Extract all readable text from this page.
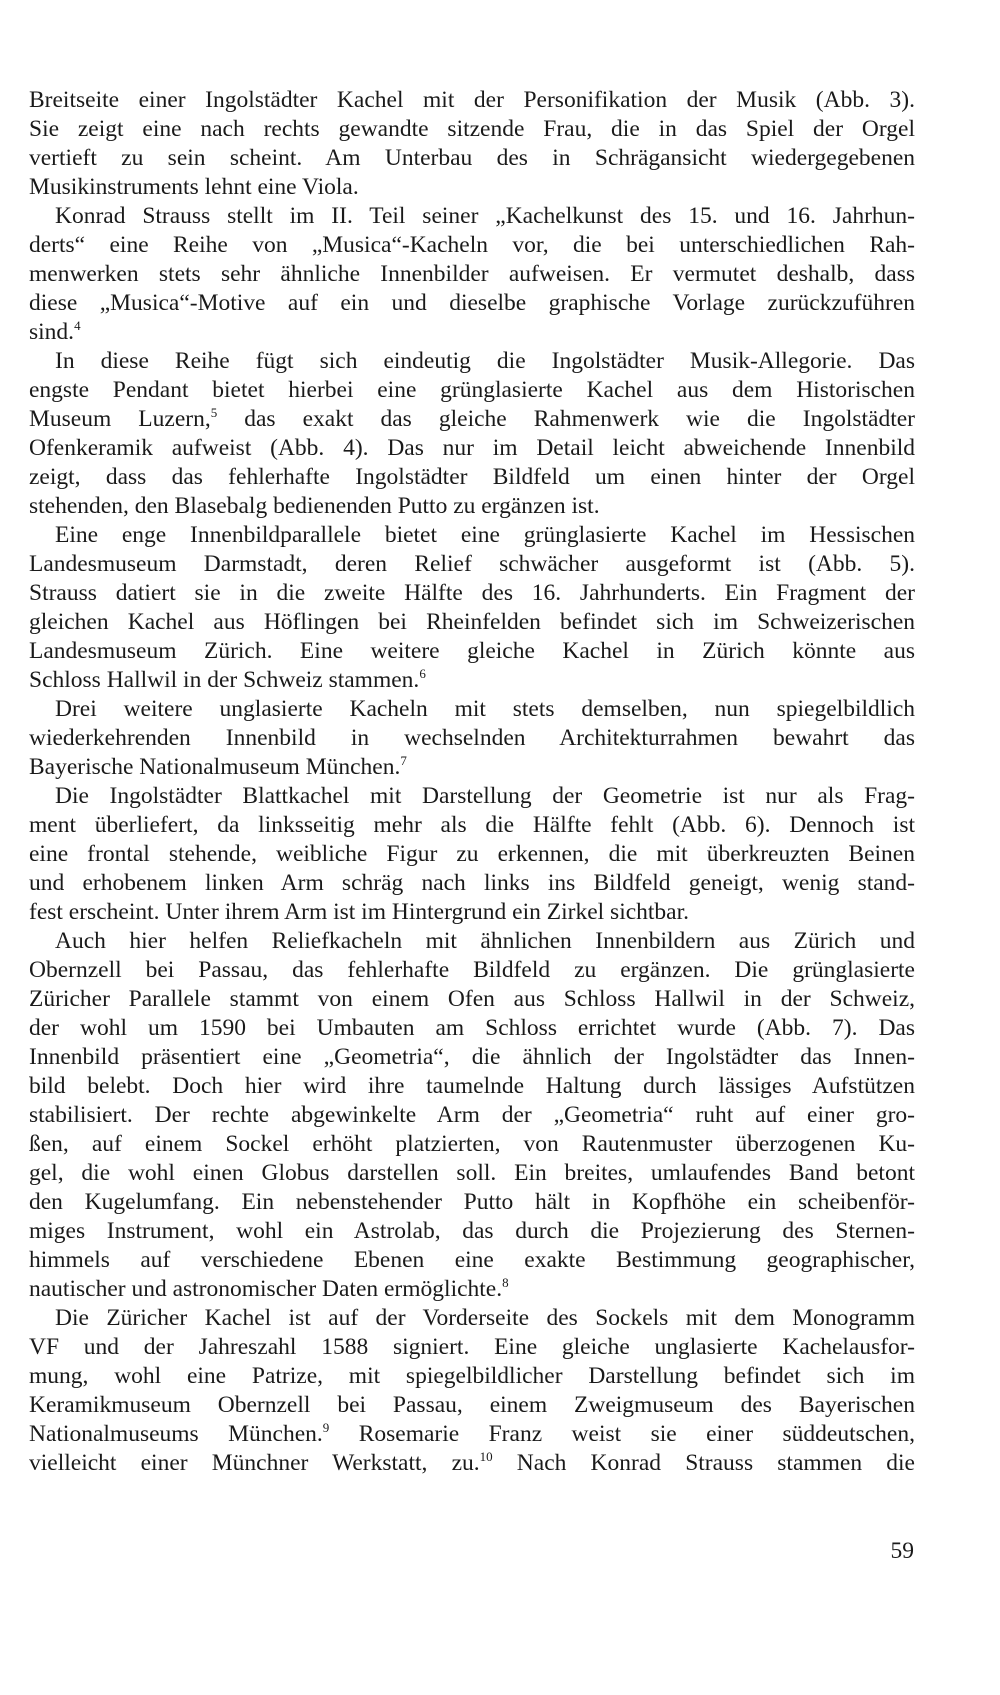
Breitseite einer Ingolstädter Kachel mit der Personifikation der Musik (Abb. 3).
Sie zeigt eine nach rechts gewandte sitzende Frau, die in das Spiel der Orgel
vertieft zu sein scheint. Am Unterbau des in Schrägansicht wiedergegebenen
Musikinstruments lehnt eine Viola.
Konrad Strauss stellt im II. Teil seiner „Kachelkunst des 15. und 16. Jahrhun-
derts“ eine Reihe von „Musica“-Kacheln vor, die bei unterschiedlichen Rah-
menwerken stets sehr ähnliche Innenbilder aufweisen. Er vermutet deshalb, dass
diese „Musica“-Motive auf ein und dieselbe graphische Vorlage zurückzuführen
sind.$^4$
In diese Reihe fügt sich eindeutig die Ingolstädter Musik-Allegorie. Das
engste Pendant bietet hierbei eine grünglasierte Kachel aus dem Historischen
Museum Luzern,$^5$ das exakt das gleiche Rahmenwerk wie die Ingolstädter
Ofenkeramik aufweist (Abb. 4). Das nur im Detail leicht abweichende Innenbild
zeigt, dass das fehlerhafte Ingolstädter Bildfeld um einen hinter der Orgel
stehenden, den Blasebalg bedienenden Putto zu ergänzen ist.
Eine enge Innenbildparallele bietet eine grünglasierte Kachel im Hessischen
Landesmuseum Darmstadt, deren Relief schwächer ausgeformt ist (Abb. 5).
Strauss datiert sie in die zweite Hälfte des 16. Jahrhunderts. Ein Fragment der
gleichen Kachel aus Höflingen bei Rheinfelden befindet sich im Schweizerischen
Landesmuseum Zürich. Eine weitere gleiche Kachel in Zürich könnte aus
Schloss Hallwil in der Schweiz stammen.$^6$
Drei weitere unglasierte Kacheln mit stets demselben, nun spiegelbildlich
wiederkehrenden Innenbild in wechselnden Architekturrahmen bewahrt das
Bayerische Nationalmuseum München.$^7$
Die Ingolstädter Blattkachel mit Darstellung der Geometrie ist nur als Frag-
ment überliefert, da linksseitig mehr als die Hälfte fehlt (Abb. 6). Dennoch ist
eine frontal stehende, weibliche Figur zu erkennen, die mit überkreuzten Beinen
und erhobenem linken Arm schräg nach links ins Bildfeld geneigt, wenig stand-
fest erscheint. Unter ihrem Arm ist im Hintergrund ein Zirkel sichtbar.
Auch hier helfen Reliefkacheln mit ähnlichen Innenbildern aus Zürich und
Obernzell bei Passau, das fehlerhafte Bildfeld zu ergänzen. Die grünglasierte
Züricher Parallele stammt von einem Ofen aus Schloss Hallwil in der Schweiz,
der wohl um 1590 bei Umbauten am Schloss errichtet wurde (Abb. 7). Das
Innenbild präsentiert eine „Geometria“, die ähnlich der Ingolstädter das Innen-
bild belebt. Doch hier wird ihre taumelnde Haltung durch lässiges Aufstützen
stabilisiert. Der rechte abgewinkelte Arm der „Geometria“ ruht auf einer gro-
ßen, auf einem Sockel erhöht platzierten, von Rautenmuster überzogenen Ku-
gel, die wohl einen Globus darstellen soll. Ein breites, umlaufendes Band betont
den Kugelumfang. Ein nebenstehender Putto hält in Kopfhöhe ein scheibenför-
miges Instrument, wohl ein Astrolab, das durch die Projezierung des Sternen-
himmels auf verschiedene Ebenen eine exakte Bestimmung geographischer,
nautischer und astronomischer Daten ermöglichte.$^8$
Die Züricher Kachel ist auf der Vorderseite des Sockels mit dem Monogramm
VF und der Jahreszahl 1588 signiert. Eine gleiche unglasierte Kachelausfor-
mung, wohl eine Patrize, mit spiegelbildlicher Darstellung befindet sich im
Keramikmuseum Obernzell bei Passau, einem Zweigmuseum des Bayerischen
Nationalmuseums München.$^9$ Rosemarie Franz weist sie einer süddeutschen,
vielleicht einer Münchner Werkstatt, zu.$^{10}$ Nach Konrad Strauss stammen die
59
